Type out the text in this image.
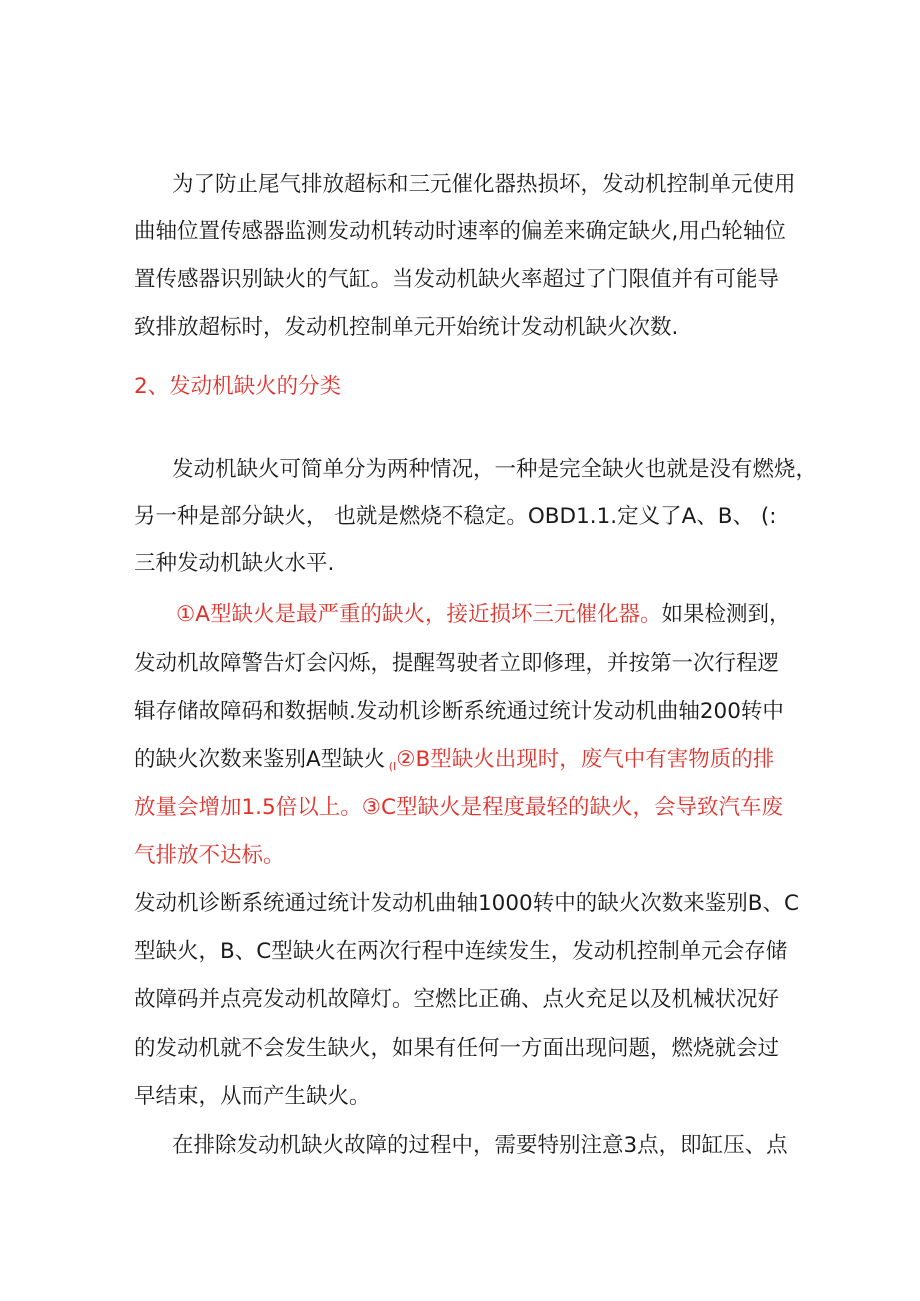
为了防止尾气排放超标和三元催化器热损坏，发动机控制单元使用
曲轴位置传感器监测发动机转动时速率的偏差来确定缺火,用凸轮轴位
置传感器识别缺火的气缸。当发动机缺火率超过了门限值并有可能导
致排放超标时，发动机控制单元开始统计发动机缺火次数.
2、发动机缺火的分类
发动机缺火可简单分为两种情况，一种是完全缺火也就是没有燃烧，
另一种是部分缺火， 也就是燃烧不稳定。OBD1.1.定义了A、B、 (:
三种发动机缺火水平.
①A型缺火是最严重的缺火，接近损坏三元催化器。如果检测到，
发动机故障警告灯会闪烁，提醒驾驶者立即修理，并按第一次行程逻
辑存储故障码和数据帧.发动机诊断系统通过统计发动机曲轴200转中
的缺火次数来鉴别A型缺火 (I②B型缺火出现时，废气中有害物质的排
放量会增加1.5倍以上。③C型缺火是程度最轻的缺火，会导致汽车废
气排放不达标。
发动机诊断系统通过统计发动机曲轴1000转中的缺火次数来鉴别B、C
型缺火，B、C型缺火在两次行程中连续发生，发动机控制单元会存储
故障码并点亮发动机故障灯。空燃比正确、点火充足以及机械状况好
的发动机就不会发生缺火，如果有任何一方面出现问题，燃烧就会过
早结束，从而产生缺火。
在排除发动机缺火故障的过程中，需要特别注意3点，即缸压、点
